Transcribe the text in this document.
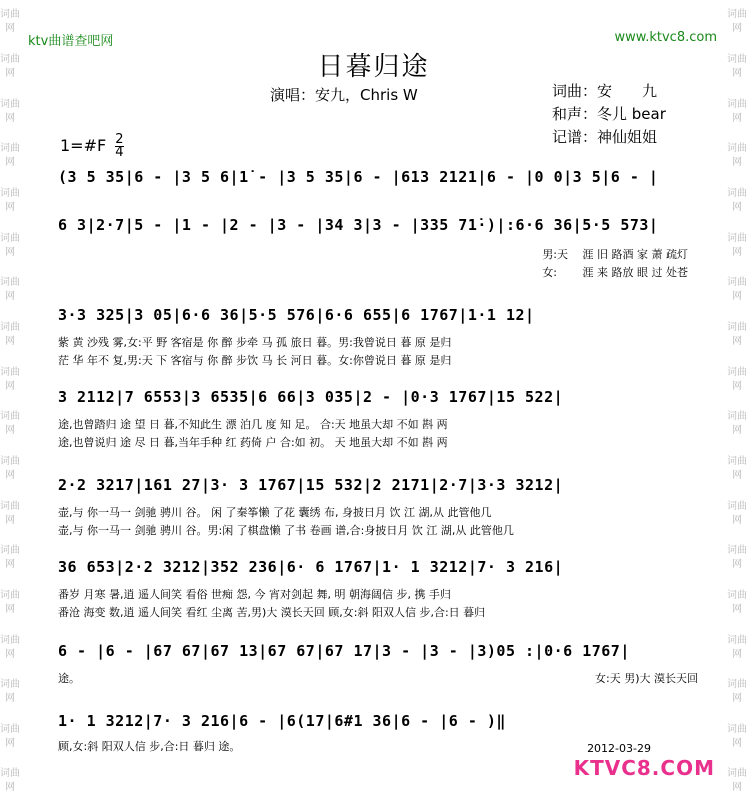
词曲网
词曲网
词曲网
词曲网
词曲网
词曲网
词曲网
词曲网
词曲网
词曲网
词曲网
词曲网
词曲网
词曲网
词曲网
词曲网
词曲网
词曲网
词曲网
词曲网
词曲网
词曲网
词曲网
词曲网
词曲网
词曲网
词曲网
词曲网
词曲网
词曲网
词曲网
词曲网
词曲网
词曲网
词曲网
词曲网
ktv曲谱查吧网	www.ktvc8.com
日暮归途
演唱：安九，Chris W	词曲：安　　九
和声：冬儿 bear
记谱：神仙姐姐
1=#F $\frac{2}{4}$
(3 5 35|6 - |3 5 6|1̇ - |3 5 35|6 - |613 2121|6 - |0 0|3 5|6 - |
6 3|2·7|5 - |1 - |2 - |3 - |34 3|3 - |335 71̇·)|:6·6 36|5·5 573|
男:天　 涯 旧 路酒 家 萧 疏灯
女:　　 涯 来 路放 眼 过 处苍
3·3 325|3 05|6·6 36|5·5 576|6·6 655|6 1767|1·1 12|
紫 黄 沙残 雾,女:平 野 客宿是 你 醉 步牵 马 孤 旅日 暮。男:我曾说日 暮 原 是归
茫 华 年不 复,男:天 下 客宿与 你 醉 步饮 马 长 河日 暮。女:你曾说日 暮 原 是归
3 2112|7 6553|3 6535|6 66|3 035|2 - |0·3 1767|15 522|
途,也曾踏归 途 望 日 暮,不知此生 漂 泊几 度 知 足。 合:天 地虽大却 不如 斟 两
途,也曾说归 途 尽 日 暮,当年手种 红 药倚 户 合:如 初。 天 地虽大却 不如 斟 两
2·2 3217|161 27|3· 3 1767|15 532|2 2171|2·7|3·3 3212|
壶,与 你一马一 剑驰 骋川 谷。 闲 了秦筝懒 了花 囊绣 布, 身披日月 饮 江 湖,从 此管他几
壶,与 你一马一 剑驰 骋川 谷。男:闲 了棋盘懒 了书 卷画 谱,合:身披日月 饮 江 湖,从 此管他几
36 653|2·2 3212|352 236|6· 6 1767|1· 1 3212|7· 3 216|
番岁 月寒 暑,逍 遥人间笑 看俗 世痴 怨, 今 宵对剑起 舞, 明 朝海阔信 步, 携 手归
番沧 海变 数,逍 遥人间笑 看红 尘离 苦,男)大 漠长天回 顾,女:斜 阳双人信 步,合:日 暮归
6 - |6 - |67 67|67 13|67 67|67 17|3 - |3 - |3)05 :|0·6 1767|
途。	女:天 男)大 漠长天回
1· 1 3212|7· 3 216|6 - |6(17|6#1 36|6 - |6 - )‖
顾,女:斜 阳双人信 步,合:日 暮归 途。	2012-03-29
KTVC8.COM
